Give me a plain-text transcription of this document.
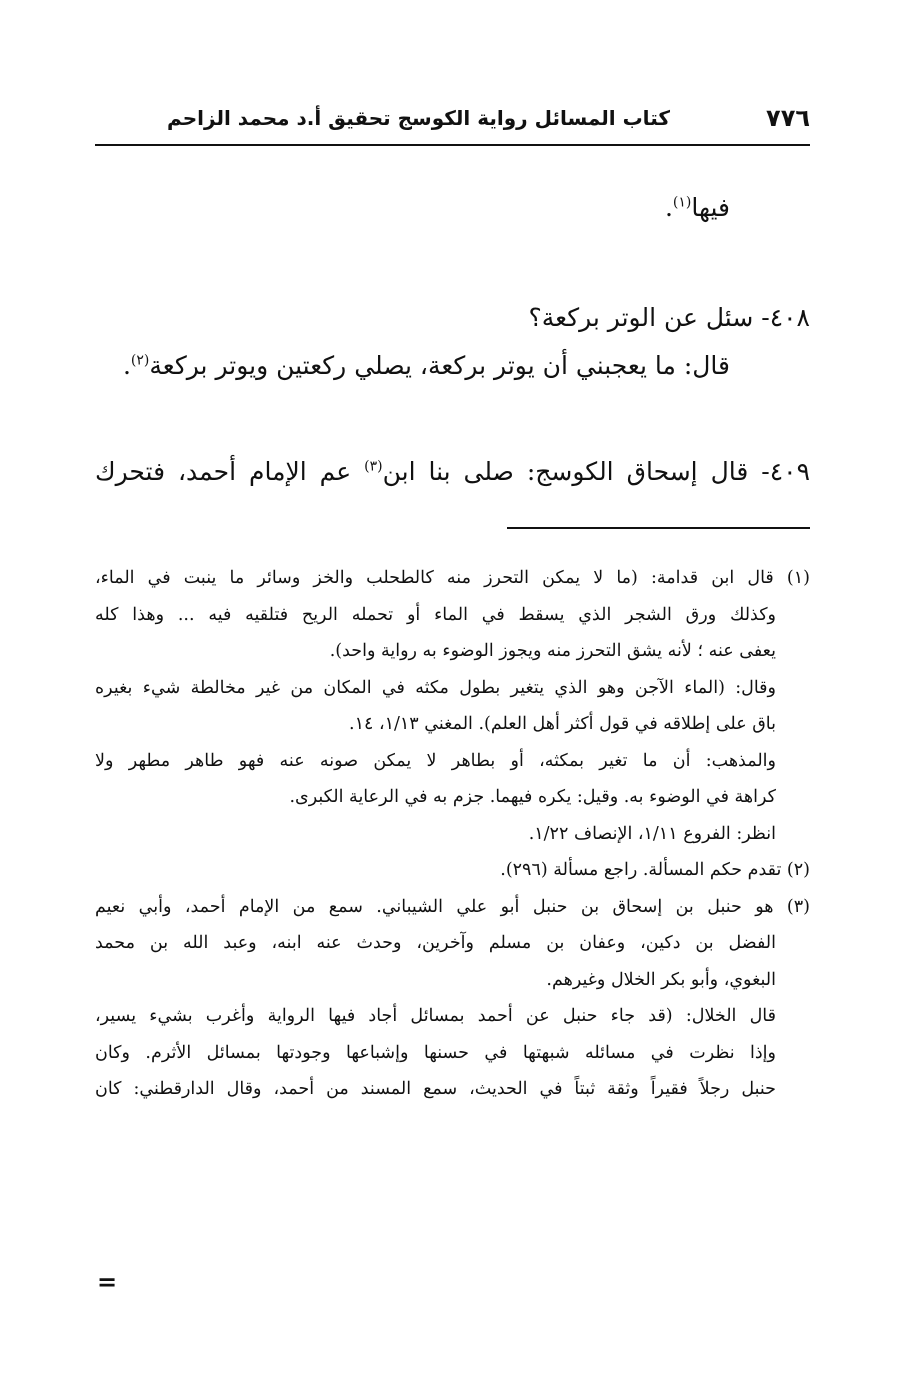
٧٧٦
كتاب المسائل رواية الكوسج تحقيق أ.د محمد الزاحم
فيها$^{(١)}$.
٤٠٨- سئل عن الوتر بركعة؟
قال: ما يعجبني أن يوتر بركعة، يصلي ركعتين ويوتر بركعة$^{(٢)}$.
٤٠٩- قال إسحاق الكوسج: صلى بنا ابن$^{(٣)}$ عم الإمام أحمد، فتحرك
(١) قال ابن قدامة: (ما لا يمكن التحرز منه كالطحلب والخز وسائر ما ينبت في الماء،
وكذلك ورق الشجر الذي يسقط في الماء أو تحمله الريح فتلقيه فيه ... وهذا كله
يعفى عنه ؛ لأنه يشق التحرز منه ويجوز الوضوء به رواية واحد).
وقال: (الماء الآجن وهو الذي يتغير بطول مكثه في المكان من غير مخالطة شيء بغيره
باق على إطلاقه في قول أكثر أهل العلم). المغني ١/١٣، ١٤.
والمذهب: أن ما تغير بمكثه، أو بطاهر لا يمكن صونه عنه فهو طاهر مطهر ولا
كراهة في الوضوء به. وقيل: يكره فيهما. جزم به في الرعاية الكبرى.
انظر: الفروع ١/١١، الإنصاف ١/٢٢.
(٢) تقدم حكم المسألة. راجع مسألة (٢٩٦).
(٣) هو حنبل بن إسحاق بن حنبل أبو علي الشيباني. سمع من الإمام أحمد، وأبي نعيم
الفضل بن دكين، وعفان بن مسلم وآخرين، وحدث عنه ابنه، وعبد الله بن محمد
البغوي، وأبو بكر الخلال وغيرهم.
قال الخلال: (قد جاء حنبل عن أحمد بمسائل أجاد فيها الرواية وأغرب بشيء يسير،
وإذا نظرت في مسائله شبهتها في حسنها وإشباعها وجودتها بمسائل الأثرم. وكان
حنبل رجلاً فقيراً وثقة ثبتاً في الحديث، سمع المسند من أحمد، وقال الدارقطني: كان
=
